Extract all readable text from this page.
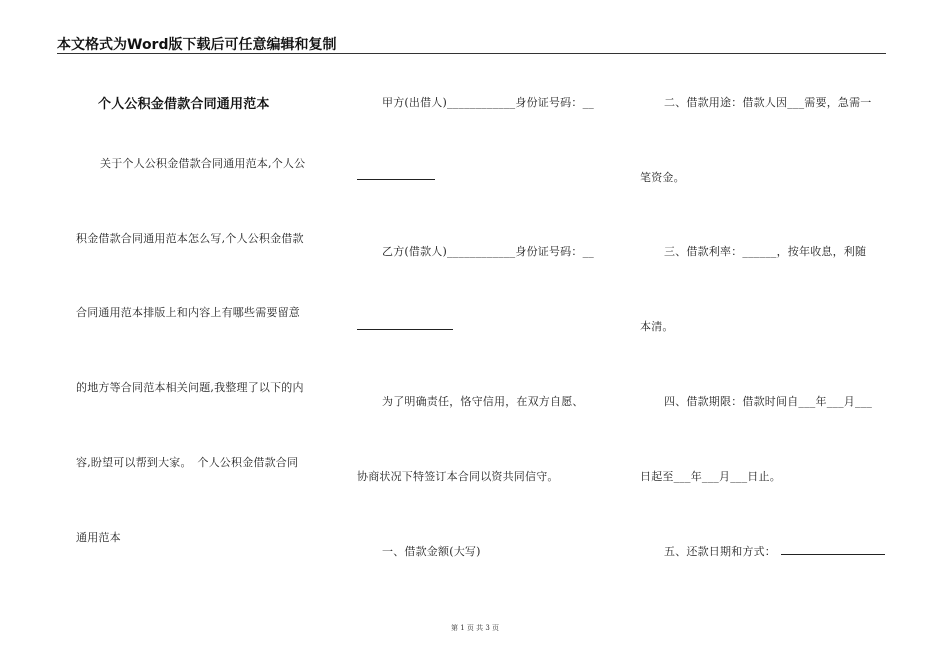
本文格式为Word版下载后可任意编辑和复制
个人公积金借款合同通用范本
关于个人公积金借款合同通用范本,个人公
积金借款合同通用范本怎么写,个人公积金借款
合同通用范本排版上和内容上有哪些需要留意
的地方等合同范本相关问题,我整理了以下的内
容,盼望可以帮到大家。　个人公积金借款合同
通用范本
甲方(出借人)____________身份证号码：__
乙方(借款人)____________身份证号码：__
为了明确责任，恪守信用，在双方自愿、
协商状况下特签订本合同以资共同信守。
一、借款金额(大写)
二、借款用途：借款人因___需要，急需一
笔资金。
三、借款利率：______，按年收息，利随
本清。
四、借款期限：借款时间自___年___月___
日起至___年___月___日止。
五、还款日期和方式：
第 1 页 共 3 页
